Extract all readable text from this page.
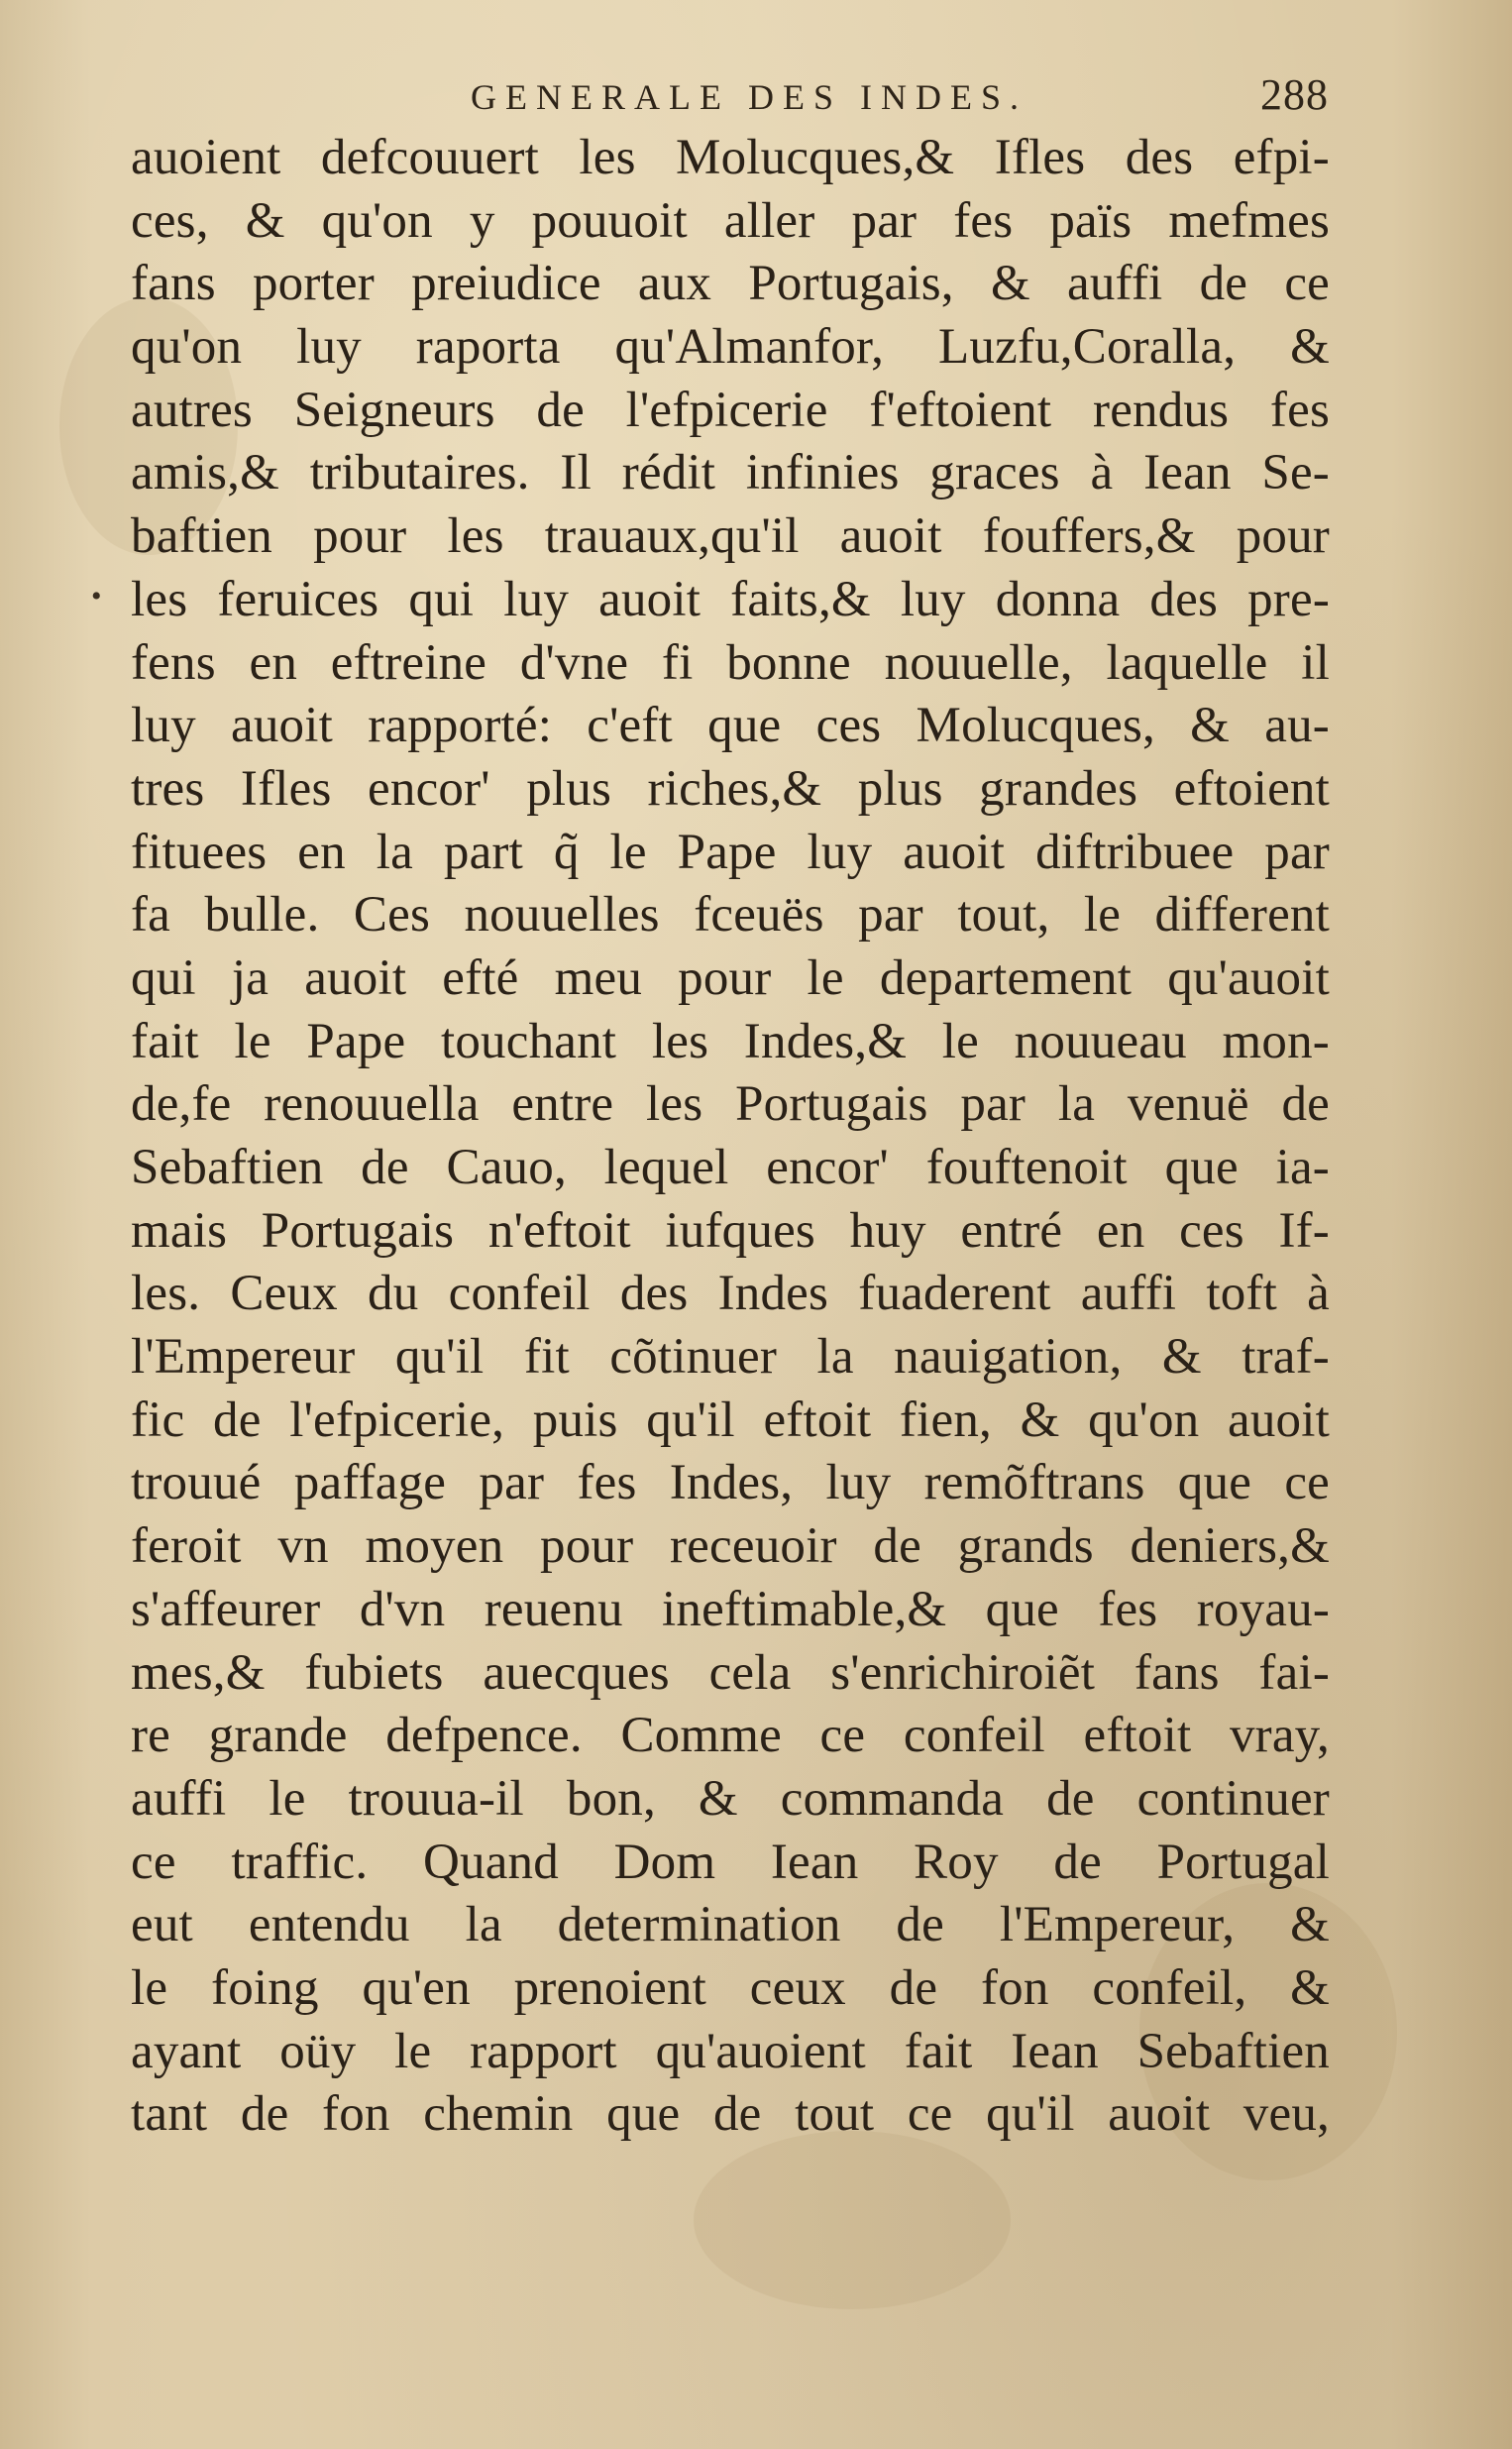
GENERALE DES INDES.	288
•
auoient defcouuert les Molucques,& Ifles des efpi-
ces, & qu'on y pouuoit aller par fes païs mefmes
fans porter preiudice aux Portugais, & auffi de ce
qu'on luy raporta qu'Almanfor, Luzfu,Coralla, &
autres Seigneurs de l'efpicerie f'eftoient rendus fes
amis,& tributaires. Il rédit infinies graces à Iean Se-
baftien pour les trauaux,qu'il auoit fouffers,& pour
les feruices qui luy auoit faits,& luy donna des pre-
fens en eftreine d'vne fi bonne nouuelle, laquelle il
luy auoit rapporté: c'eft que ces Molucques, & au-
tres Ifles encor' plus riches,& plus grandes eftoient
fituees en la part q̃ le Pape luy auoit diftribuee par
fa bulle. Ces nouuelles fceuës par tout, le different
qui ja auoit efté meu pour le departement qu'auoit
fait le Pape touchant les Indes,& le nouueau mon-
de,fe renouuella entre les Portugais par la venuë de
Sebaftien de Cauo, lequel encor' fouftenoit que ia-
mais Portugais n'eftoit iufques huy entré en ces If-
les. Ceux du confeil des Indes fuaderent auffi toft à
l'Empereur qu'il fit cõtinuer la nauigation, & traf-
fic de l'efpicerie, puis qu'il eftoit fien, & qu'on auoit
trouué paffage par fes Indes, luy remõftrans que ce
feroit vn moyen pour receuoir de grands deniers,&
s'affeurer d'vn reuenu ineftimable,& que fes royau-
mes,& fubiets auecques cela s'enrichiroiẽt fans fai-
re grande defpence. Comme ce confeil eftoit vray,
auffi le trouua-il bon, & commanda de continuer
ce traffic. Quand Dom Iean Roy de Portugal
eut entendu la determination de l'Empereur, &
le foing qu'en prenoient ceux de fon confeil, &
ayant oüy le rapport qu'auoient fait Iean Sebaftien
tant de fon chemin que de tout ce qu'il auoit veu,
